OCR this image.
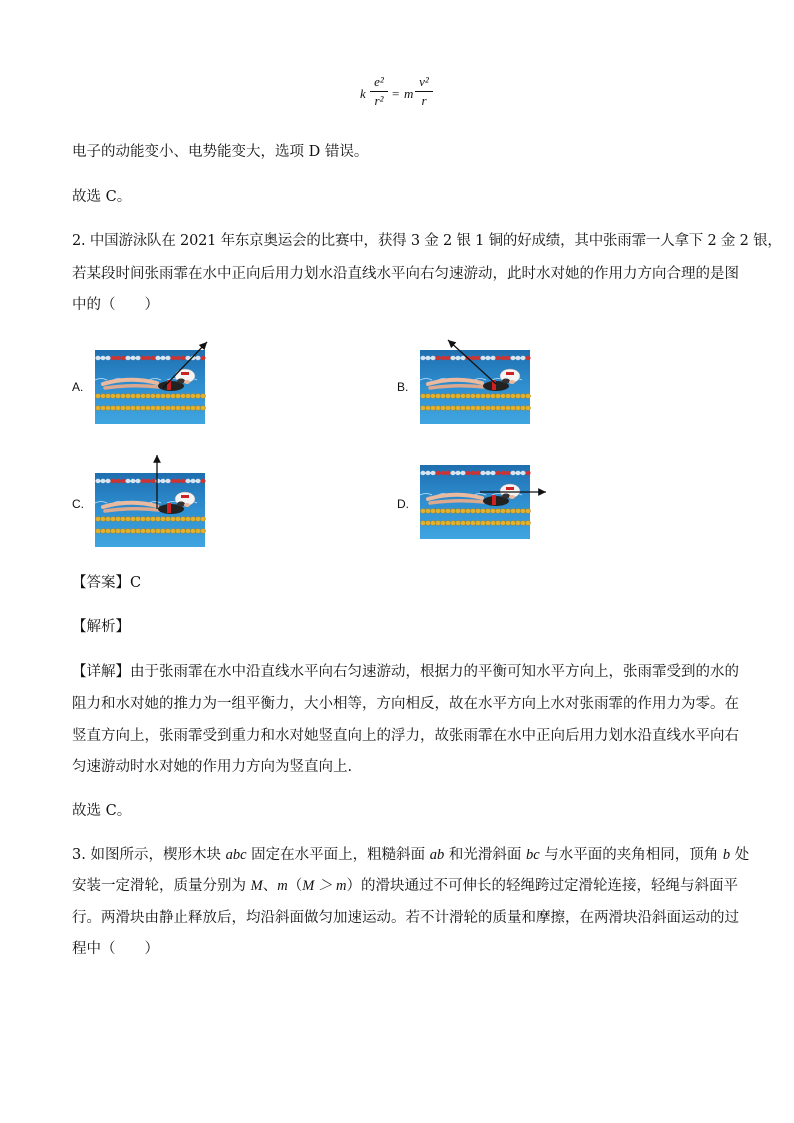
k $\frac{\text{e²}}{\text{r²}} = m \frac{\text{v²}}{r}$
电子的动能变小、电势能变大，选项 D 错误。
故选 C。
2. 中国游泳队在 2021 年东京奥运会的比赛中，获得 3 金 2 银 1 铜的好成绩，其中张雨霏一人拿下 2 金 2 银，
若某段时间张雨霏在水中正向后用力划水沿直线水平向右匀速游动，此时水对她的作用力方向合理的是图
中的（　　）
A.	B.
C.	D.
【答案】C
【解析】
【详解】由于张雨霏在水中沿直线水平向右匀速游动，根据力的平衡可知水平方向上，张雨霏受到的水的
阻力和水对她的推力为一组平衡力，大小相等，方向相反，故在水平方向上水对张雨霏的作用力为零。在
竖直方向上，张雨霏受到重力和水对她竖直向上的浮力，故张雨霏在水中正向后用力划水沿直线水平向右
匀速游动时水对她的作用力方向为竖直向上.
故选 C。
3. 如图所示，楔形木块 abc 固定在水平面上，粗糙斜面 ab 和光滑斜面 bc 与水平面的夹角相同，顶角 b 处
安装一定滑轮，质量分别为 M、m（M ＞ m）的滑块通过不可伸长的轻绳跨过定滑轮连接，轻绳与斜面平
行。两滑块由静止释放后，均沿斜面做匀加速运动。若不计滑轮的质量和摩擦，在两滑块沿斜面运动的过
程中（　　）
